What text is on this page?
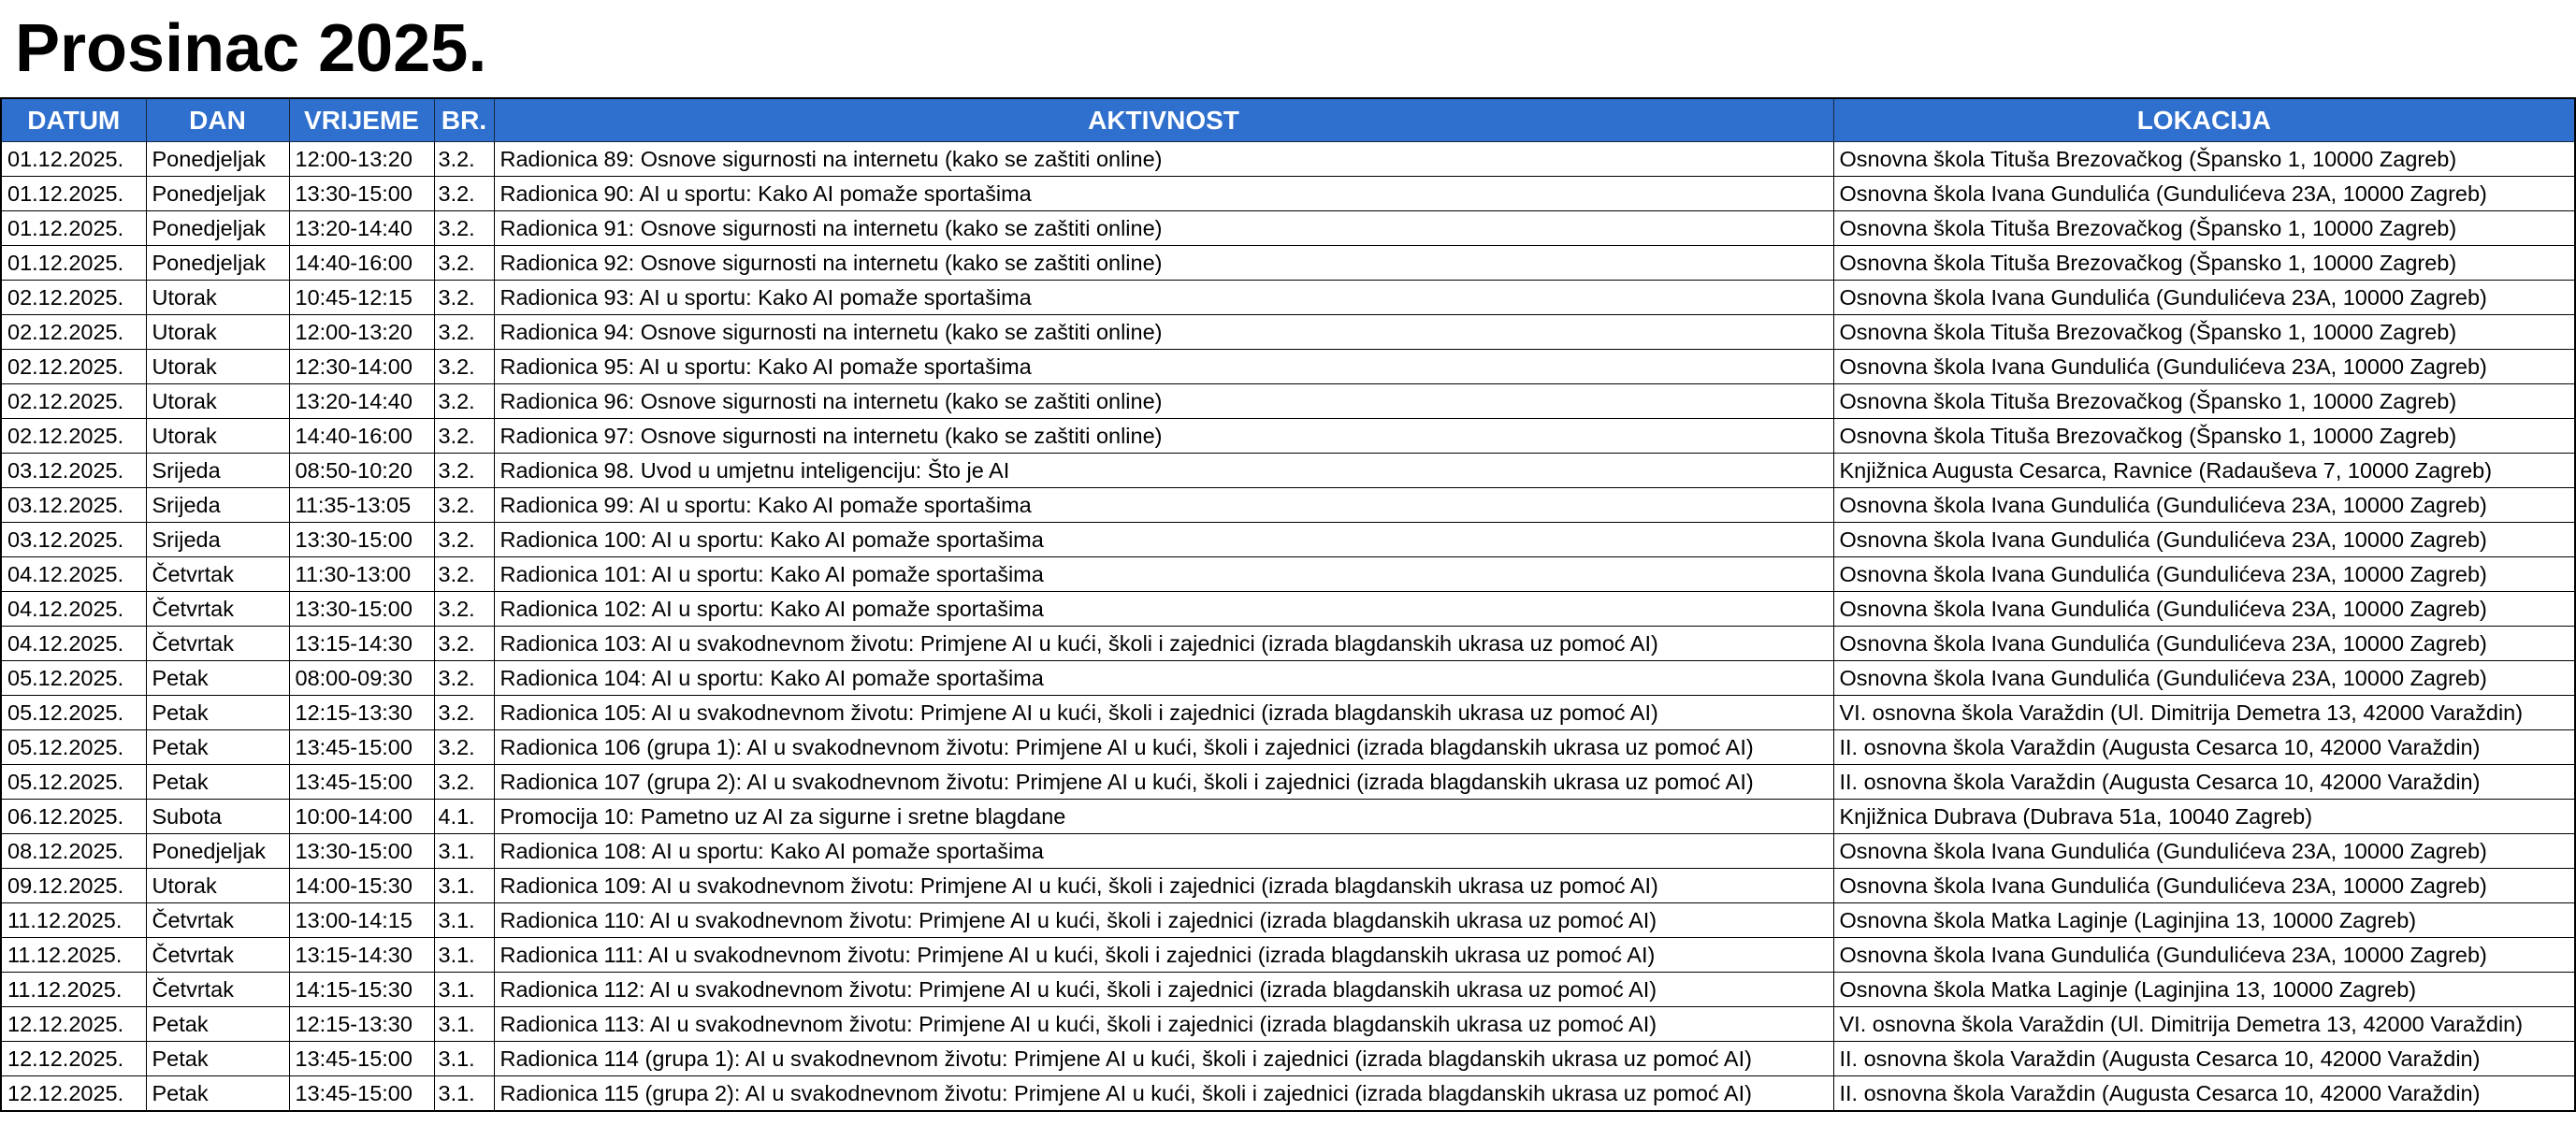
Prosinac 2025.
DATUM	DAN	VRIJEME	BR.	AKTIVNOST	LOKACIJA
01.12.2025.	Ponedjeljak	12:00-13:20	3.2.	Radionica 89: Osnove sigurnosti na internetu (kako se zaštiti online)	Osnovna škola Tituša Brezovačkog (Špansko 1, 10000 Zagreb)
01.12.2025.	Ponedjeljak	13:30-15:00	3.2.	Radionica 90: AI u sportu: Kako AI pomaže sportašima	Osnovna škola Ivana Gundulića (Gundulićeva 23A, 10000 Zagreb)
01.12.2025.	Ponedjeljak	13:20-14:40	3.2.	Radionica 91: Osnove sigurnosti na internetu (kako se zaštiti online)	Osnovna škola Tituša Brezovačkog (Špansko 1, 10000 Zagreb)
01.12.2025.	Ponedjeljak	14:40-16:00	3.2.	Radionica 92: Osnove sigurnosti na internetu (kako se zaštiti online)	Osnovna škola Tituša Brezovačkog (Špansko 1, 10000 Zagreb)
02.12.2025.	Utorak	10:45-12:15	3.2.	Radionica 93: AI u sportu: Kako AI pomaže sportašima	Osnovna škola Ivana Gundulića (Gundulićeva 23A, 10000 Zagreb)
02.12.2025.	Utorak	12:00-13:20	3.2.	Radionica 94: Osnove sigurnosti na internetu (kako se zaštiti online)	Osnovna škola Tituša Brezovačkog (Špansko 1, 10000 Zagreb)
02.12.2025.	Utorak	12:30-14:00	3.2.	Radionica 95: AI u sportu: Kako AI pomaže sportašima	Osnovna škola Ivana Gundulića (Gundulićeva 23A, 10000 Zagreb)
02.12.2025.	Utorak	13:20-14:40	3.2.	Radionica 96: Osnove sigurnosti na internetu (kako se zaštiti online)	Osnovna škola Tituša Brezovačkog (Špansko 1, 10000 Zagreb)
02.12.2025.	Utorak	14:40-16:00	3.2.	Radionica 97: Osnove sigurnosti na internetu (kako se zaštiti online)	Osnovna škola Tituša Brezovačkog (Špansko 1, 10000 Zagreb)
03.12.2025.	Srijeda	08:50-10:20	3.2.	Radionica 98. Uvod u umjetnu inteligenciju: Što je AI	Knjižnica Augusta Cesarca, Ravnice (Radauševa 7, 10000 Zagreb)
03.12.2025.	Srijeda	11:35-13:05	3.2.	Radionica 99: AI u sportu: Kako AI pomaže sportašima	Osnovna škola Ivana Gundulića (Gundulićeva 23A, 10000 Zagreb)
03.12.2025.	Srijeda	13:30-15:00	3.2.	Radionica 100: AI u sportu: Kako AI pomaže sportašima	Osnovna škola Ivana Gundulića (Gundulićeva 23A, 10000 Zagreb)
04.12.2025.	Četvrtak	11:30-13:00	3.2.	Radionica 101: AI u sportu: Kako AI pomaže sportašima	Osnovna škola Ivana Gundulića (Gundulićeva 23A, 10000 Zagreb)
04.12.2025.	Četvrtak	13:30-15:00	3.2.	Radionica 102: AI u sportu: Kako AI pomaže sportašima	Osnovna škola Ivana Gundulića (Gundulićeva 23A, 10000 Zagreb)
04.12.2025.	Četvrtak	13:15-14:30	3.2.	Radionica 103: AI u svakodnevnom životu: Primjene AI u kući, školi i zajednici (izrada blagdanskih ukrasa uz pomoć AI)	Osnovna škola Ivana Gundulića (Gundulićeva 23A, 10000 Zagreb)
05.12.2025.	Petak	08:00-09:30	3.2.	Radionica 104: AI u sportu: Kako AI pomaže sportašima	Osnovna škola Ivana Gundulića (Gundulićeva 23A, 10000 Zagreb)
05.12.2025.	Petak	12:15-13:30	3.2.	Radionica 105: AI u svakodnevnom životu: Primjene AI u kući, školi i zajednici (izrada blagdanskih ukrasa uz pomoć AI)	VI. osnovna škola Varaždin (Ul. Dimitrija Demetra 13, 42000 Varaždin)
05.12.2025.	Petak	13:45-15:00	3.2.	Radionica 106 (grupa 1): AI u svakodnevnom životu: Primjene AI u kući, školi i zajednici (izrada blagdanskih ukrasa uz pomoć AI)	II. osnovna škola Varaždin (Augusta Cesarca 10, 42000 Varaždin)
05.12.2025.	Petak	13:45-15:00	3.2.	Radionica 107 (grupa 2): AI u svakodnevnom životu: Primjene AI u kući, školi i zajednici (izrada blagdanskih ukrasa uz pomoć AI)	II. osnovna škola Varaždin (Augusta Cesarca 10, 42000 Varaždin)
06.12.2025.	Subota	10:00-14:00	4.1.	Promocija 10: Pametno uz AI za sigurne i sretne blagdane	Knjižnica Dubrava (Dubrava 51a, 10040 Zagreb)
08.12.2025.	Ponedjeljak	13:30-15:00	3.1.	Radionica 108: AI u sportu: Kako AI pomaže sportašima	Osnovna škola Ivana Gundulića (Gundulićeva 23A, 10000 Zagreb)
09.12.2025.	Utorak	14:00-15:30	3.1.	Radionica 109: AI u svakodnevnom životu: Primjene AI u kući, školi i zajednici (izrada blagdanskih ukrasa uz pomoć AI)	Osnovna škola Ivana Gundulića (Gundulićeva 23A, 10000 Zagreb)
11.12.2025.	Četvrtak	13:00-14:15	3.1.	Radionica 110: AI u svakodnevnom životu: Primjene AI u kući, školi i zajednici (izrada blagdanskih ukrasa uz pomoć AI)	Osnovna škola Matka Laginje (Laginjina 13, 10000 Zagreb)
11.12.2025.	Četvrtak	13:15-14:30	3.1.	Radionica 111: AI u svakodnevnom životu: Primjene AI u kući, školi i zajednici (izrada blagdanskih ukrasa uz pomoć AI)	Osnovna škola Ivana Gundulića (Gundulićeva 23A, 10000 Zagreb)
11.12.2025.	Četvrtak	14:15-15:30	3.1.	Radionica 112: AI u svakodnevnom životu: Primjene AI u kući, školi i zajednici (izrada blagdanskih ukrasa uz pomoć AI)	Osnovna škola Matka Laginje (Laginjina 13, 10000 Zagreb)
12.12.2025.	Petak	12:15-13:30	3.1.	Radionica 113: AI u svakodnevnom životu: Primjene AI u kući, školi i zajednici (izrada blagdanskih ukrasa uz pomoć AI)	VI. osnovna škola Varaždin (Ul. Dimitrija Demetra 13, 42000 Varaždin)
12.12.2025.	Petak	13:45-15:00	3.1.	Radionica 114 (grupa 1): AI u svakodnevnom životu: Primjene AI u kući, školi i zajednici (izrada blagdanskih ukrasa uz pomoć AI)	II. osnovna škola Varaždin (Augusta Cesarca 10, 42000 Varaždin)
12.12.2025.	Petak	13:45-15:00	3.1.	Radionica 115 (grupa 2): AI u svakodnevnom životu: Primjene AI u kući, školi i zajednici (izrada blagdanskih ukrasa uz pomoć AI)	II. osnovna škola Varaždin (Augusta Cesarca 10, 42000 Varaždin)
